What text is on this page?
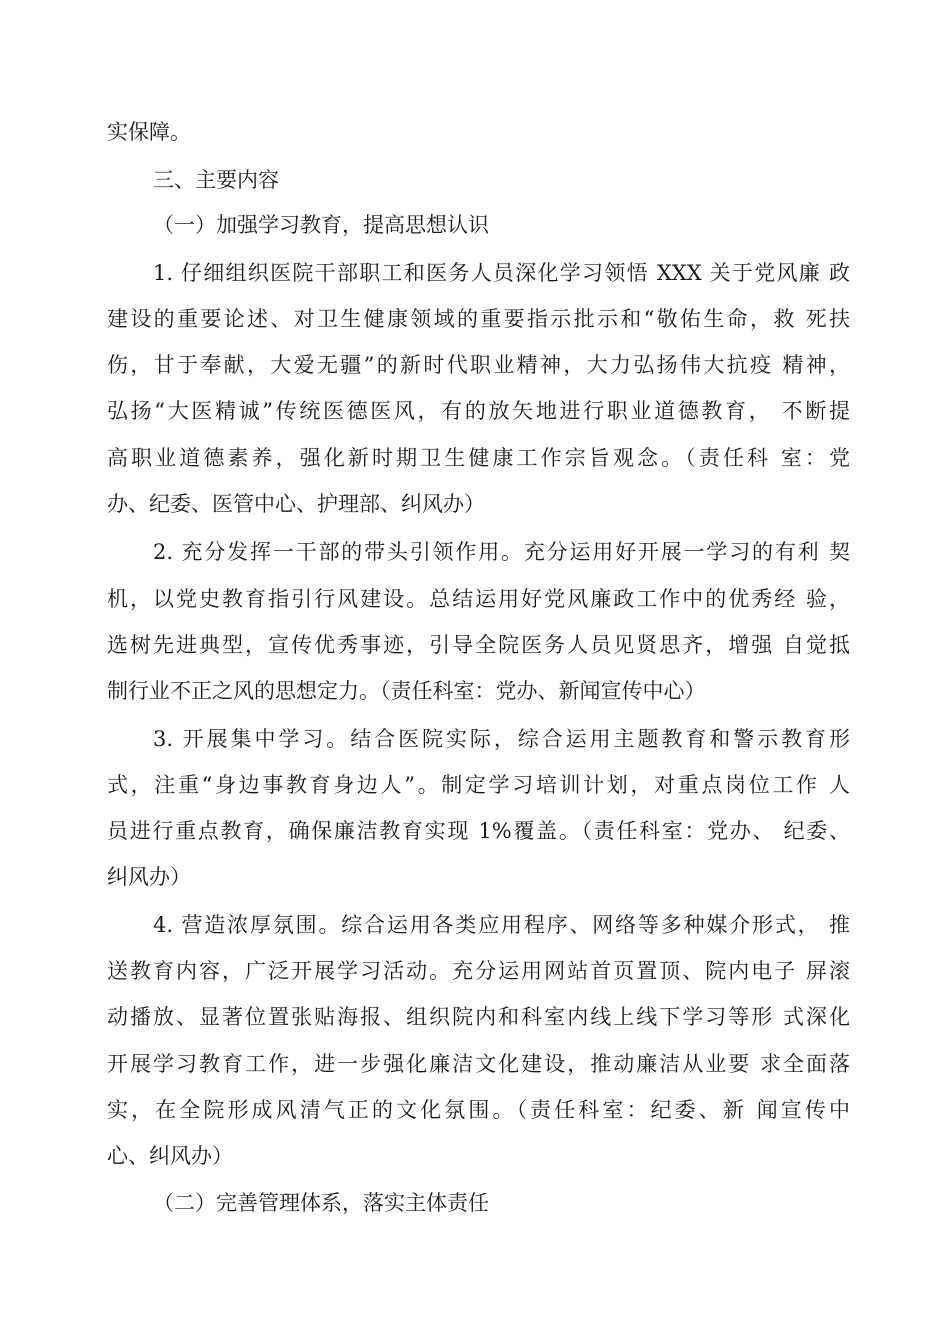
实保障。
三、主要内容
（一）加强学习教育，提高思想认识
1. 仔细组织医院干部职工和医务人员深化学习领悟 XXX 关于党风廉 政
建设的重要论述、对卫生健康领域的重要指示批示和“敬佑生命，救 死扶
伤，甘于奉献，大爱无疆”的新时代职业精神，大力弘扬伟大抗疫 精神，
弘扬“大医精诚”传统医德医风，有的放矢地进行职业道德教育， 不断提
高职业道德素养，强化新时期卫生健康工作宗旨观念。（责任科 室：党
办、纪委、医管中心、护理部、纠风办）
2. 充分发挥一干部的带头引领作用。充分运用好开展一学习的有利 契
机，以党史教育指引行风建设。总结运用好党风廉政工作中的优秀经 验，
选树先进典型，宣传优秀事迹，引导全院医务人员见贤思齐，增强 自觉抵
制行业不正之风的思想定力。（责任科室：党办、新闻宣传中心）
3. 开展集中学习。结合医院实际，综合运用主题教育和警示教育形
式，注重“身边事教育身边人”。制定学习培训计划，对重点岗位工作 人
员进行重点教育，确保廉洁教育实现 1%覆盖。（责任科室：党办、 纪委、
纠风办）
4. 营造浓厚氛围。综合运用各类应用程序、网络等多种媒介形式， 推
送教育内容，广泛开展学习活动。充分运用网站首页置顶、院内电子 屏滚
动播放、显著位置张贴海报、组织院内和科室内线上线下学习等形 式深化
开展学习教育工作，进一步强化廉洁文化建设，推动廉洁从业要 求全面落
实，在全院形成风清气正的文化氛围。（责任科室：纪委、新 闻宣传中
心、纠风办）
（二）完善管理体系，落实主体责任
